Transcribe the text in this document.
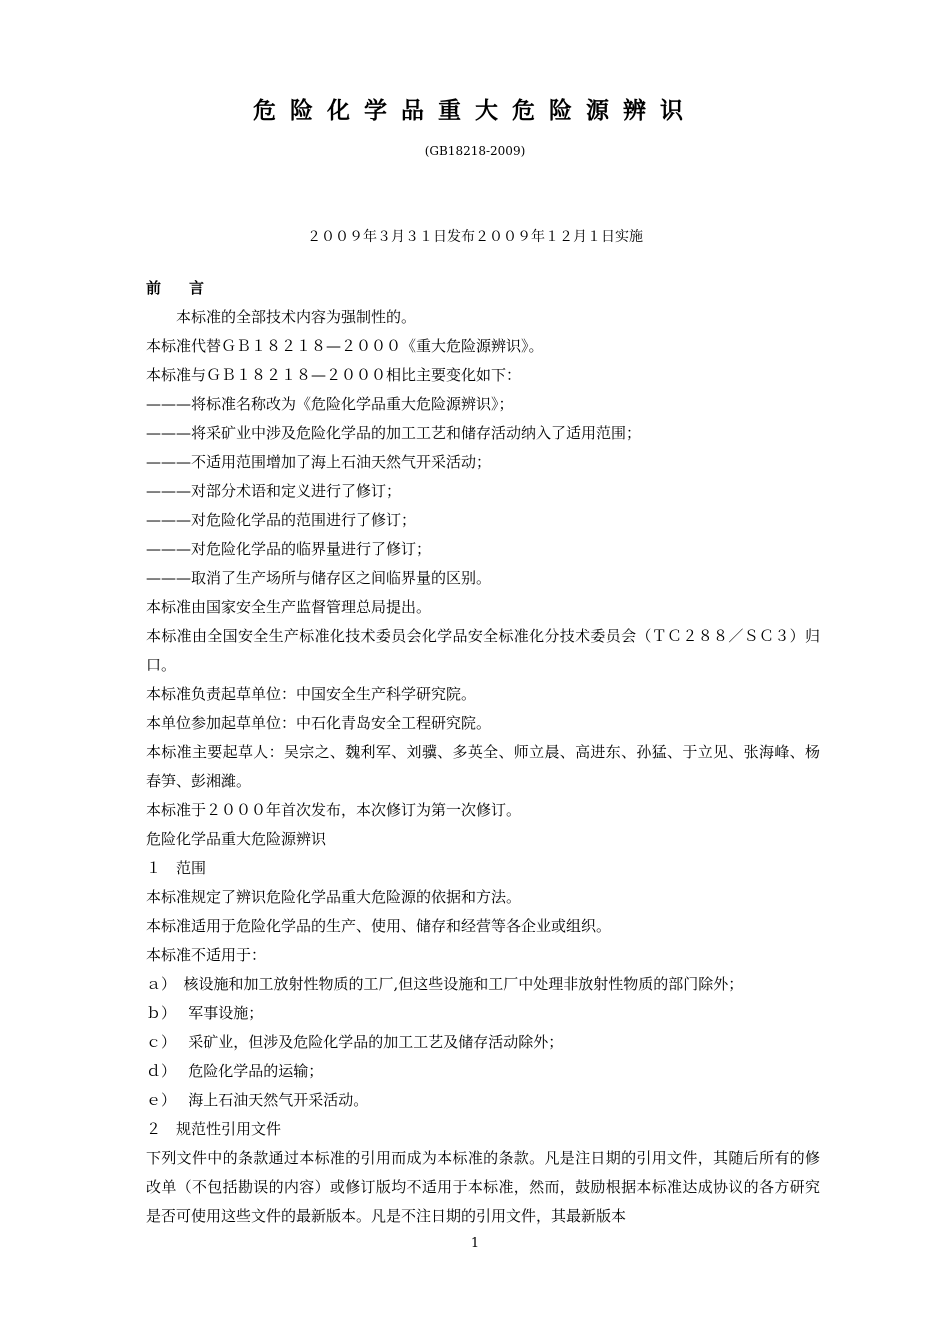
危险化学品重大危险源辨识
(GB18218-2009)
２００９年３月３１日发布２００９年１２月１日实施

前言

本标准的全部技术内容为强制性的。

本标准代替ＧＢ１８２１８—２０００《重大危险源辨识》。

本标准与ＧＢ１８２１８—２０００相比主要变化如下：

———将标准名称改为《危险化学品重大危险源辨识》；

———将采矿业中涉及危险化学品的加工工艺和储存活动纳入了适用范围；

———不适用范围增加了海上石油天然气开采活动；

———对部分术语和定义进行了修订；

———对危险化学品的范围进行了修订；

———对危险化学品的临界量进行了修订；

———取消了生产场所与储存区之间临界量的区别。

本标准由国家安全生产监督管理总局提出。

本标准由全国安全生产标准化技术委员会化学品安全标准化分技术委员会（ＴＣ２８８／ＳＣ３）归口。

本标准负责起草单位：中国安全生产科学研究院。

本单位参加起草单位：中石化青岛安全工程研究院。

本标准主要起草人：吴宗之、魏利军、刘骥、多英全、师立晨、高进东、孙猛、于立见、张海峰、杨春笋、彭湘濰。

本标准于２０００年首次发布，本次修订为第一次修订。

危险化学品重大危险源辨识

１　范围

本标准规定了辨识危险化学品重大危险源的依据和方法。

本标准适用于危险化学品的生产、使用、储存和经营等各企业或组织。

本标准不适用于：

ａ）　核设施和加工放射性物质的工厂,但这些设施和工厂中处理非放射性物质的部门除外；

ｂ）　 军事设施；

ｃ）　 采矿业，但涉及危险化学品的加工工艺及储存活动除外；

ｄ）　 危险化学品的运输；

ｅ）　 海上石油天然气开采活动。

２　规范性引用文件

下列文件中的条款通过本标准的引用而成为本标准的条款。凡是注日期的引用文件，其随后所有的修改单（不包括勘误的内容）或修订版均不适用于本标准，然而，鼓励根据本标准达成协议的各方研究是否可使用这些文件的最新版本。凡是不注日期的引用文件，其最新版本

1
